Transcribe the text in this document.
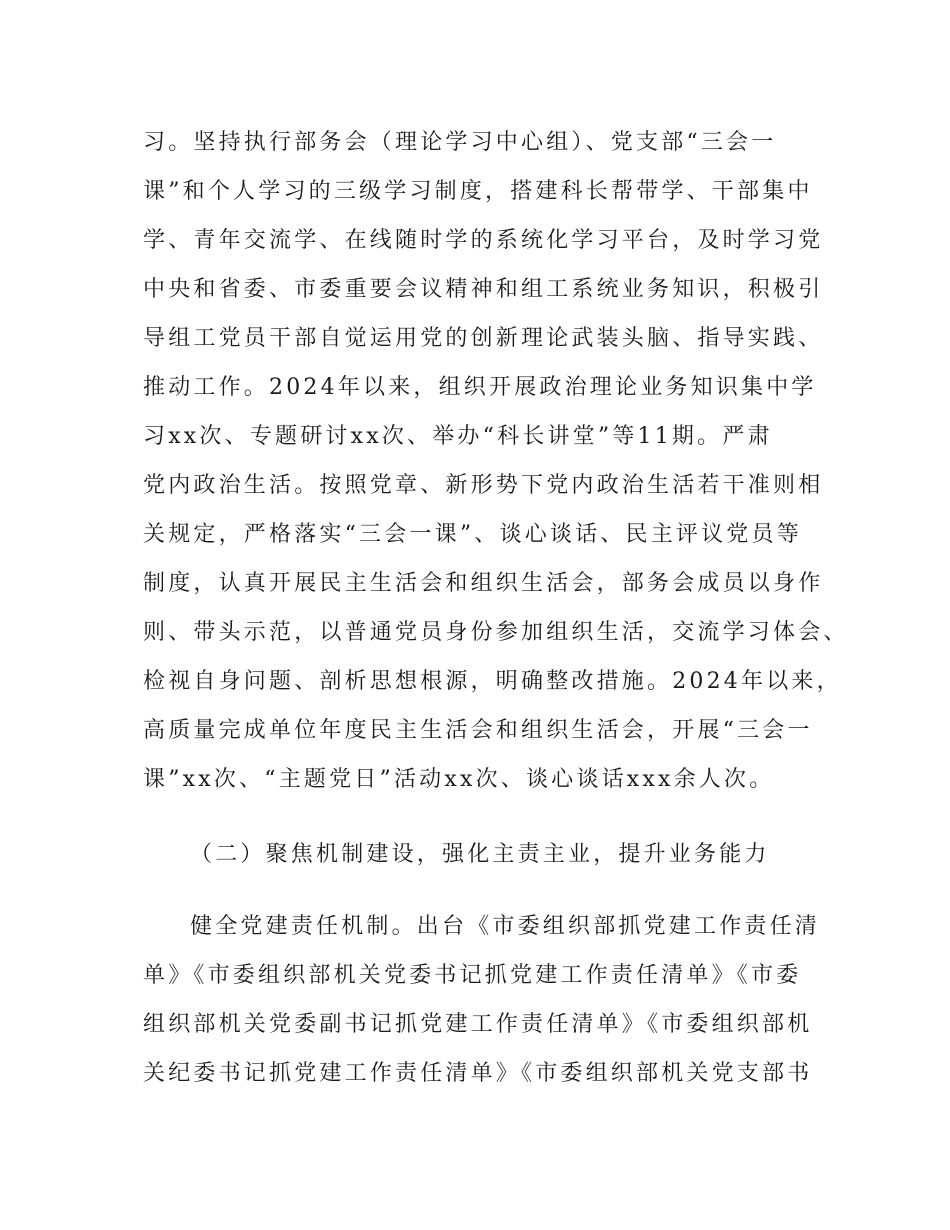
习。坚持执行部务会（理论学习中心组）、党支部“三会一
课”和个人学习的三级学习制度，搭建科长帮带学、干部集中
学、青年交流学、在线随时学的系统化学习平台，及时学习党
中央和省委、市委重要会议精神和组工系统业务知识，积极引
导组工党员干部自觉运用党的创新理论武装头脑、指导实践、
推动工作。2024年以来，组织开展政治理论业务知识集中学
习xx次、专题研讨xx次、举办“科长讲堂”等11期。严肃
党内政治生活。按照党章、新形势下党内政治生活若干准则相
关规定，严格落实“三会一课”、谈心谈话、民主评议党员等
制度，认真开展民主生活会和组织生活会，部务会成员以身作
则、带头示范，以普通党员身份参加组织生活，交流学习体会、
检视自身问题、剖析思想根源，明确整改措施。2024年以来，
高质量完成单位年度民主生活会和组织生活会，开展“三会一
课”xx次、“主题党日”活动xx次、谈心谈话xxx余人次。
（二）聚焦机制建设，强化主责主业，提升业务能力
健全党建责任机制。出台《市委组织部抓党建工作责任清
单》《市委组织部机关党委书记抓党建工作责任清单》《市委
组织部机关党委副书记抓党建工作责任清单》《市委组织部机
关纪委书记抓党建工作责任清单》《市委组织部机关党支部书
